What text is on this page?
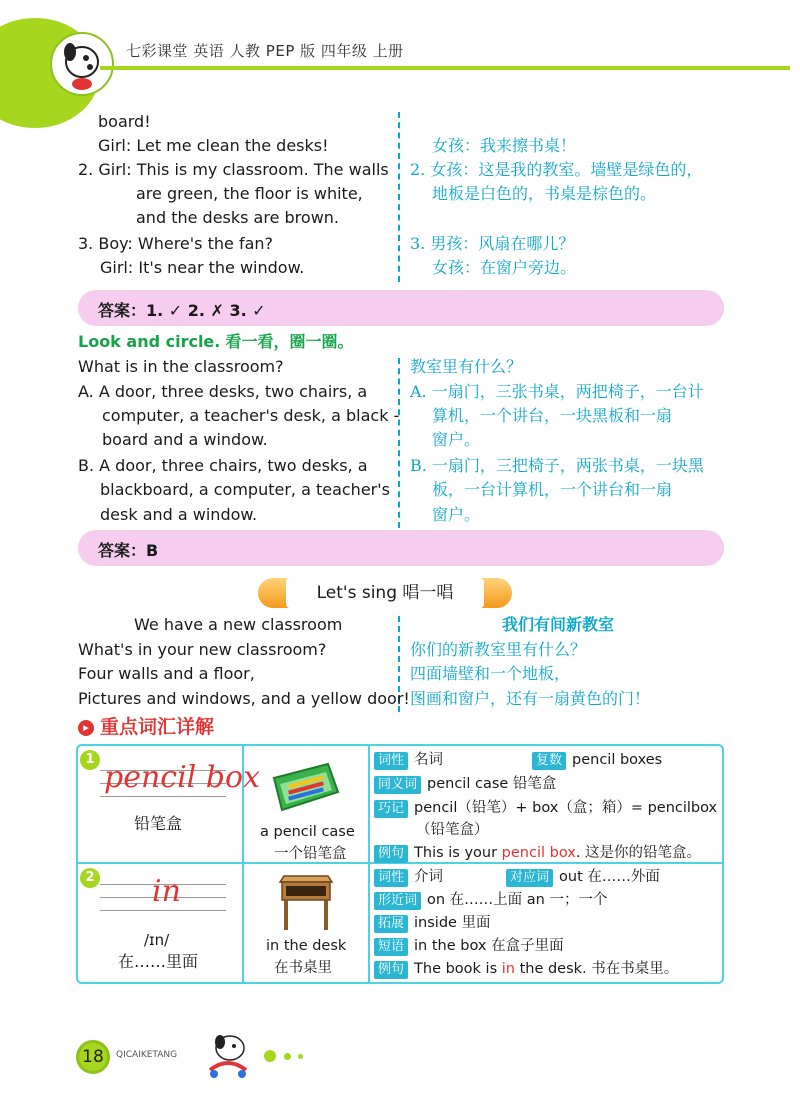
七彩课堂 英语 人教 PEP 版 四年级 上册
board!
Girl: Let me clean the desks!
2. Girl: This is my classroom. The walls
are green, the floor is white,
and the desks are brown.
3. Boy: Where's the fan?
Girl: It's near the window.
女孩：我来擦书桌！
2. 女孩：这是我的教室。墙壁是绿色的，
地板是白色的，书桌是棕色的。
3. 男孩：风扇在哪儿？
女孩：在窗户旁边。
答案：1. ✓ 2. ✗ 3. ✓
Look and circle. 看一看，圈一圈。
What is in the classroom?	教室里有什么？
A. A door, three desks, two chairs, a
computer, a teacher's desk, a black -
board and a window.
A. 一扇门，三张书桌，两把椅子，一台计
算机，一个讲台，一块黑板和一扇
窗户。
B. A door, three chairs, two desks, a
blackboard, a computer, a teacher's
desk and a window.
B. 一扇门，三把椅子，两张书桌，一块黑
板，一台计算机，一个讲台和一扇
窗户。
答案：B
Let's sing 唱一唱
We have a new classroom
What's in your new classroom?
Four walls and a floor,
Pictures and windows, and a yellow door!
我们有间新教室
你们的新教室里有什么？
四面墙壁和一个地板，
图画和窗户，还有一扇黄色的门！
▸ 重点词汇详解
1
pencil box
铅笔盒	a pencil case
一个铅笔盒
词性 名词	复数 pencil boxes
同义词 pencil case 铅笔盒
巧记 pencil（铅笔）+ box（盒；箱）= pencilbox
（铅笔盒）
例句 This is your pencil box. 这是你的铅笔盒。
2 in
/ɪn/
在……里面
in the desk
在书桌里
词性 介词	对应词 out 在……外面
形近词 on 在……上面 an 一；一个
拓展 inside 里面
短语 in the box 在盒子里面
例句 The book is in the desk. 书在书桌里。
18	QICAIKETANG
